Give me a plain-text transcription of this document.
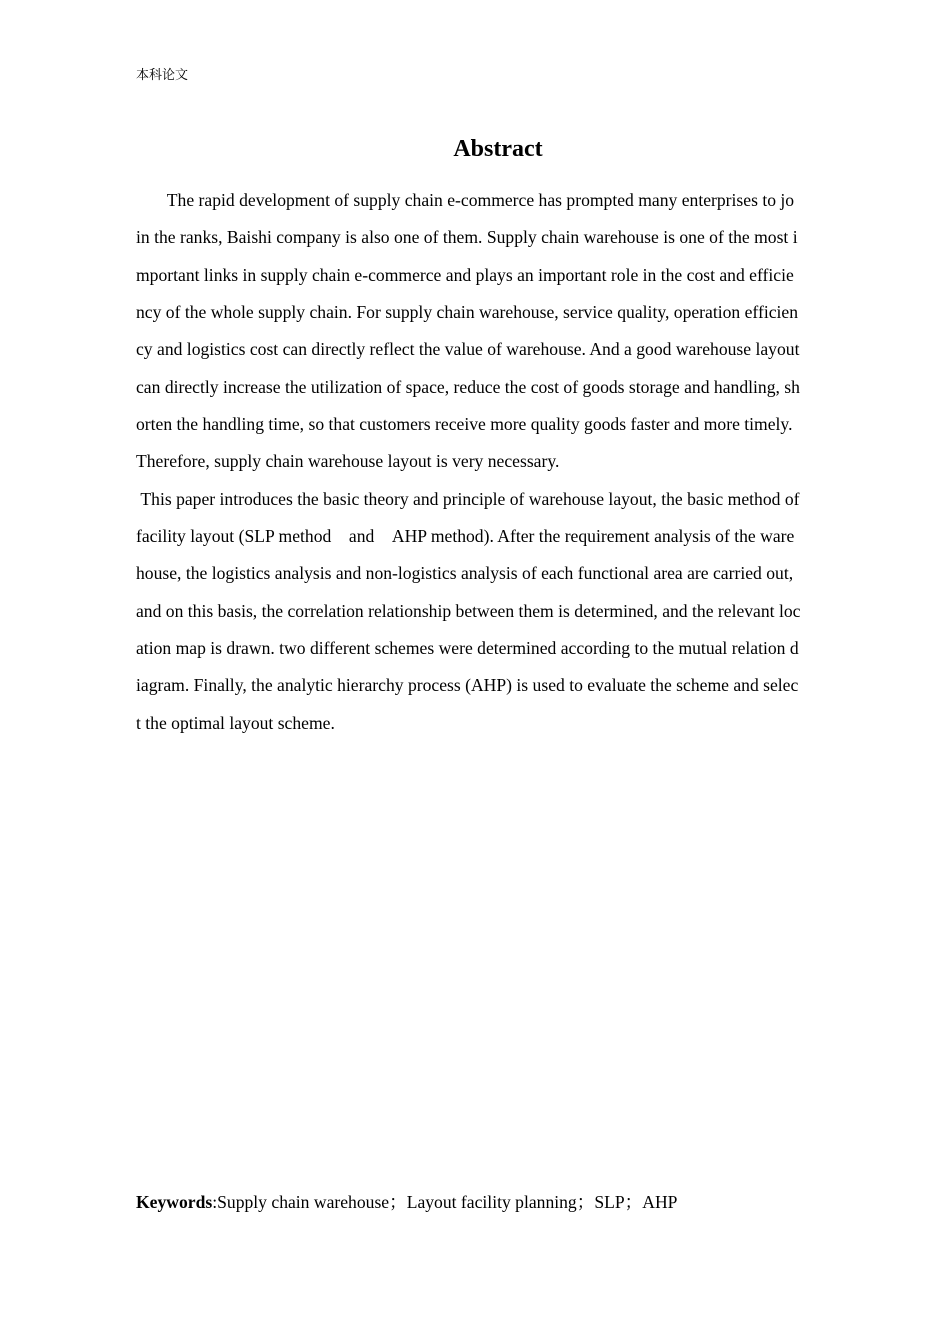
本科论文
Abstract
The rapid development of supply chain e-commerce has prompted many enterprises to jo
in the ranks, Baishi company is also one of them. Supply chain warehouse is one of the most i
mportant links in supply chain e-commerce and plays an important role in the cost and efficie
ncy of the whole supply chain. For supply chain warehouse, service quality, operation efficien
cy and logistics cost can directly reflect the value of warehouse. And a good warehouse layout
can directly increase the utilization of space, reduce the cost of goods storage and handling, sh
orten the handling time, so that customers receive more quality goods faster and more timely.
Therefore, supply chain warehouse layout is very necessary.
This paper introduces the basic theory and principle of warehouse layout, the basic method of
facility layout (SLP method    and    AHP method). After the requirement analysis of the ware
house, the logistics analysis and non-logistics analysis of each functional area are carried out,
and on this basis, the correlation relationship between them is determined, and the relevant loc
ation map is drawn. two different schemes were determined according to the mutual relation d
iagram. Finally, the analytic hierarchy process (AHP) is used to evaluate the scheme and selec
t the optimal layout scheme.
Keywords:Supply chain warehouse；Layout facility planning；SLP；AHP
